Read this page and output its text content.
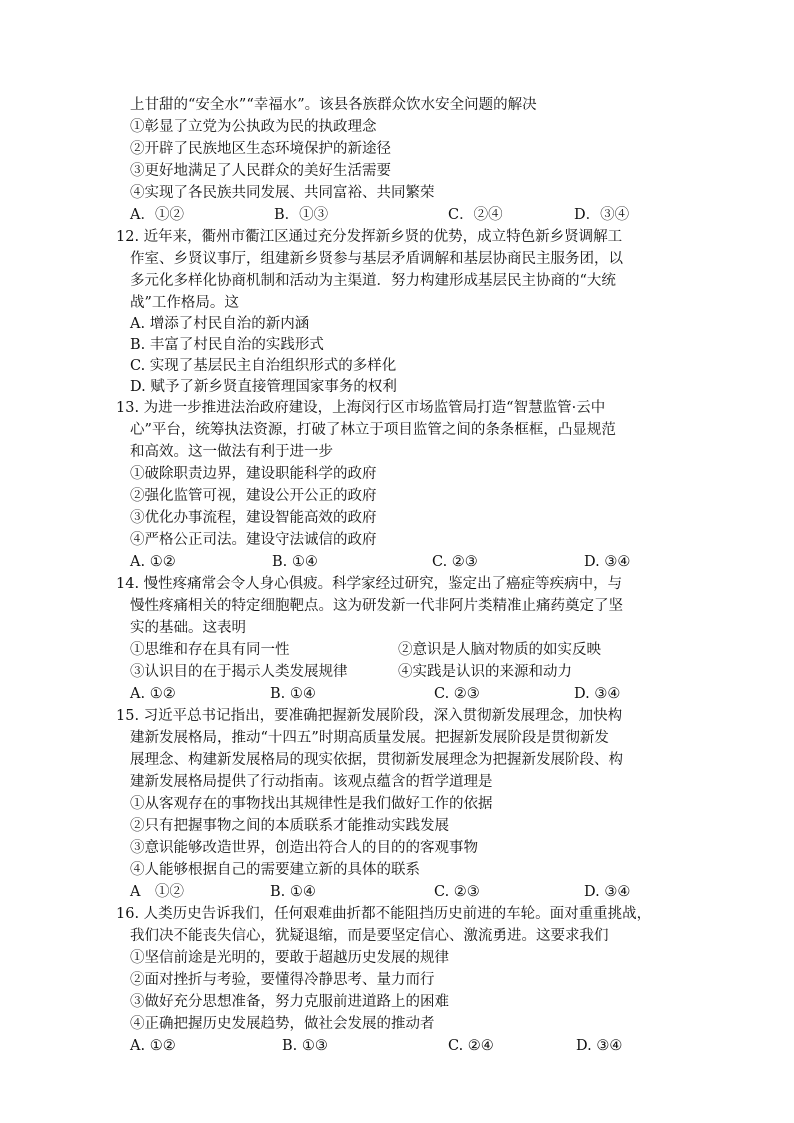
上甘甜的“安全水”“幸福水”。该县各族群众饮水安全问题的解决
①彰显了立党为公执政为民的执政理念
②开辟了民族地区生态环境保护的新途径
③更好地满足了人民群众的美好生活需要
④实现了各民族共同发展、共同富裕、共同繁荣
A．①②	B．①③	C．②④	D．③④
12. 近年来，衢州市衢江区通过充分发挥新乡贤的优势，成立特色新乡贤调解工
作室、乡贤议事厅，组建新乡贤参与基层矛盾调解和基层协商民主服务团，以
多元化多样化协商机制和活动为主渠道．努力构建形成基层民主协商的“大统
战”工作格局。这
A. 增添了村民自治的新内涵
B. 丰富了村民自治的实践形式
C. 实现了基层民主自治组织形式的多样化
D. 赋予了新乡贤直接管理国家事务的权利
13. 为进一步推进法治政府建设，上海闵行区市场监管局打造“智慧监管·云中
心”平台，统筹执法资源，打破了林立于项目监管之间的条条框框，凸显规范
和高效。这一做法有利于进一步
①破除职责边界，建设职能科学的政府
②强化监管可视，建设公开公正的政府
③优化办事流程，建设智能高效的政府
④严格公正司法。建设守法诚信的政府
A. ①②	B. ①④	C. ②③	D. ③④
14. 慢性疼痛常会令人身心俱疲。科学家经过研究，鉴定出了癌症等疾病中，与
慢性疼痛相关的特定细胞靶点。这为研发新一代非阿片类精准止痛药奠定了坚
实的基础。这表明
①思维和存在具有同一性	②意识是人脑对物质的如实反映
③认识目的在于揭示人类发展规律	④实践是认识的来源和动力
A. ①②	B. ①④	C. ②③	D. ③④
15. 习近平总书记指出，要准确把握新发展阶段，深入贯彻新发展理念，加快构
建新发展格局，推动“十四五”时期高质量发展。把握新发展阶段是贯彻新发
展理念、构建新发展格局的现实依据，贯彻新发展理念为把握新发展阶段、构
建新发展格局提供了行动指南。该观点蕴含的哲学道理是
①从客观存在的事物找出其规律性是我们做好工作的依据
②只有把握事物之间的本质联系才能推动实践发展
③意识能够改造世界，创造出符合人的目的的客观事物
④人能够根据自己的需要建立新的具体的联系
A　①②	B. ①④	C. ②③	D. ③④
16. 人类历史告诉我们，任何艰难曲折都不能阻挡历史前进的车轮。面对重重挑战，
我们决不能丧失信心，犹疑退缩，而是要坚定信心、激流勇进。这要求我们
①坚信前途是光明的，要敢于超越历史发展的规律
②面对挫折与考验，要懂得冷静思考、量力而行
③做好充分思想准备，努力克服前进道路上的困难
④正确把握历史发展趋势，做社会发展的推动者
A. ①②	B. ①③	C. ②④	D. ③④
